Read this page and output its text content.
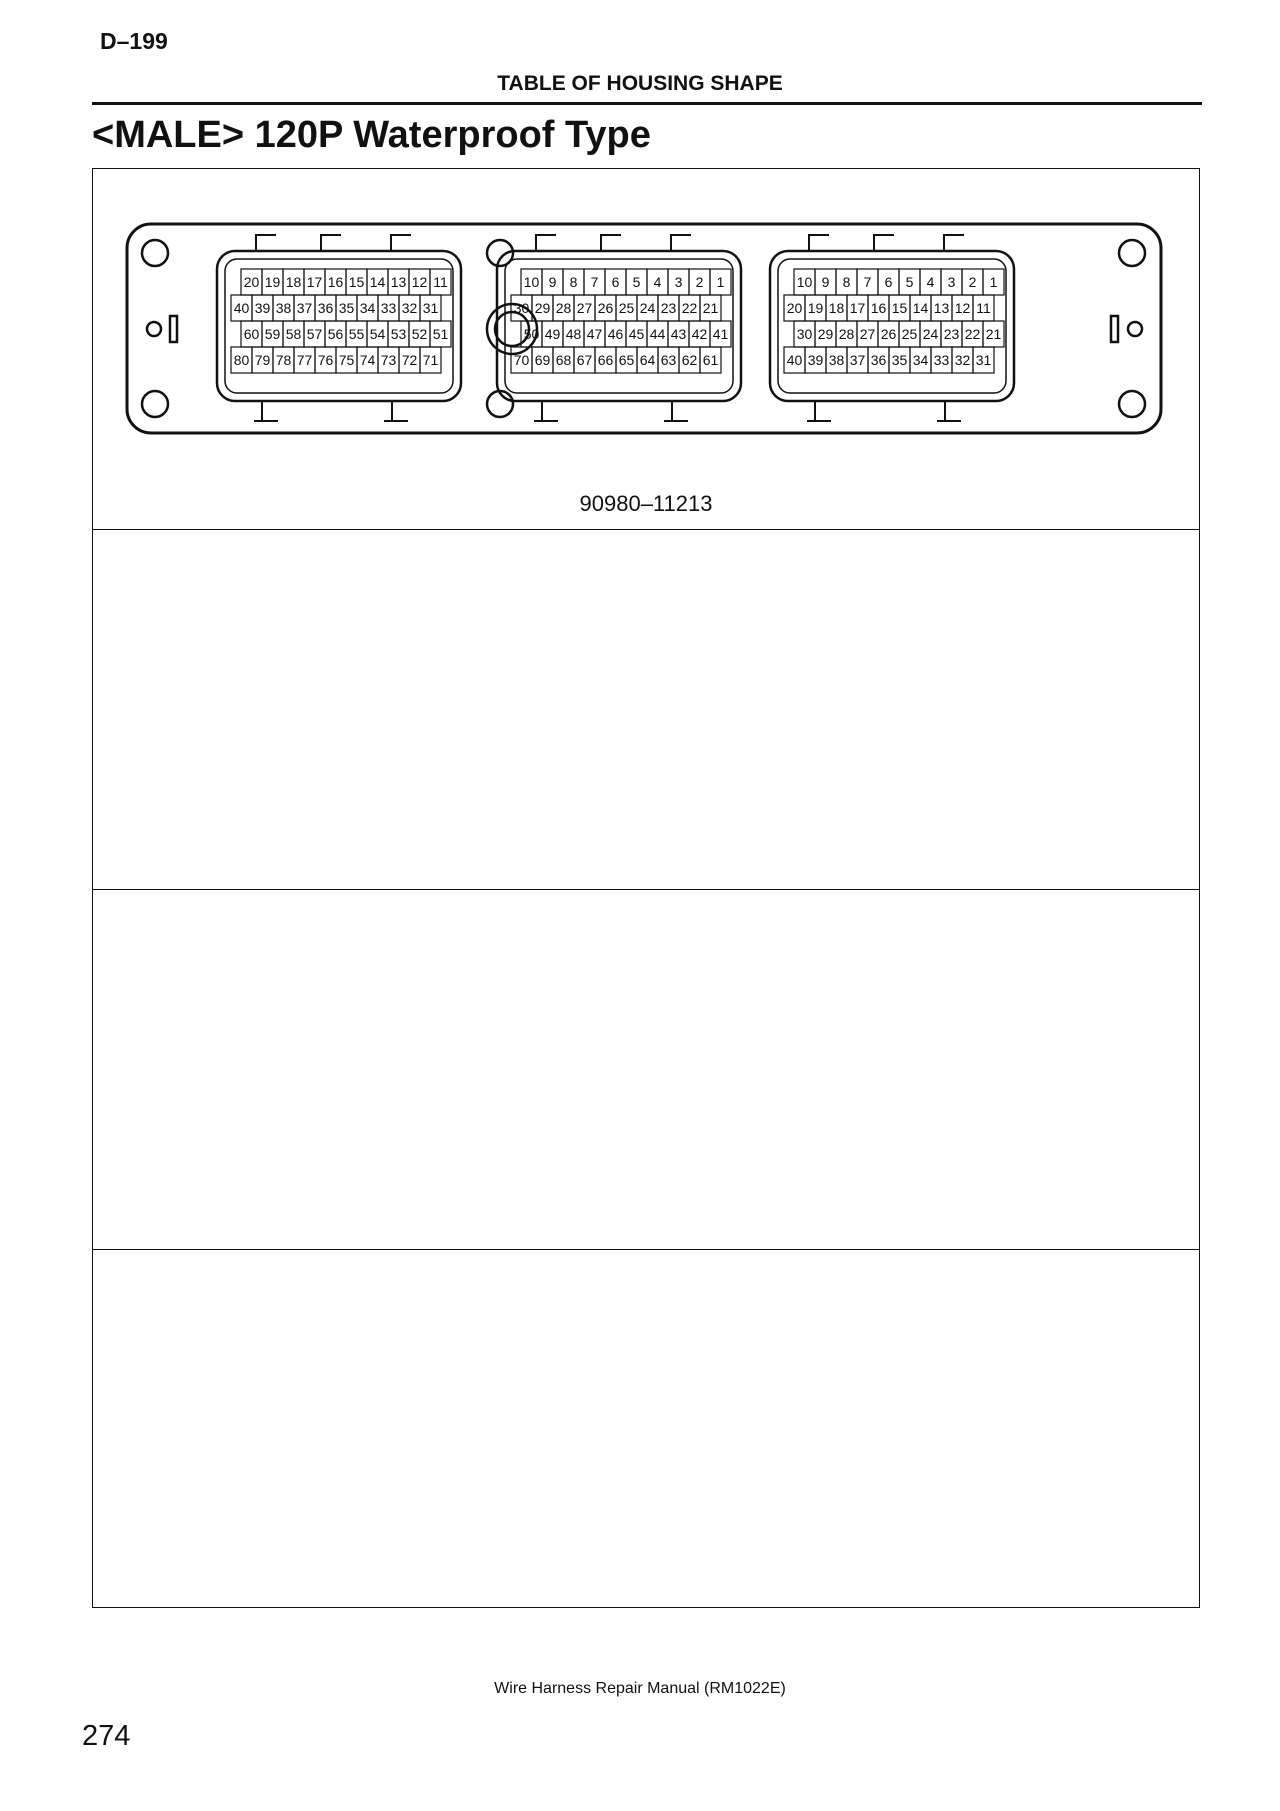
D–199
TABLE OF HOUSING SHAPE
<MALE> 120P Waterproof Type
20 19 18 17 16 15 14 13 12 11
40 39 38 37 36 35 34 33 32 31
60 59 58 57 56 55 54 53 52 51
80 79 78 77 76 75 74 73 72 71
10 9 8 7 6 5 4 3 2 1
30 29 28 27 26 25 24 23 22 21
50 49 48 47 46 45 44 43 42 41
70 69 68 67 66 65 64 63 62 61
10 9 8 7 6 5 4 3 2 1
20 19 18 17 16 15 14 13 12 11
30 29 28 27 26 25 24 23 22 21
40 39 38 37 36 35 34 33 32 31
90980–11213
Wire Harness Repair Manual (RM1022E)
274
